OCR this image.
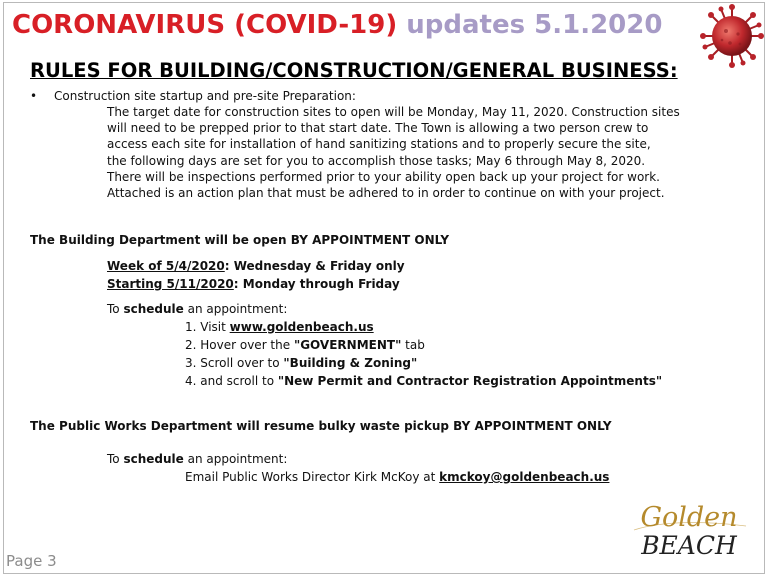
CORONAVIRUS (COVID-19) updates 5.1.2020
RULES FOR BUILDING/CONSTRUCTION/GENERAL BUSINESS:
• Construction site startup and pre-site Preparation:
The target date for construction sites to open will be Monday, May 11, 2020. Construction sites
will need to be prepped prior to that start date. The Town is allowing a two person crew to
access each site for installation of hand sanitizing stations and to properly secure the site,
the following days are set for you to accomplish those tasks; May 6 through May 8, 2020.
There will be inspections performed prior to your ability open back up your project for work.
Attached is an action plan that must be adhered to in order to continue on with your project.
The Building Department will be open BY APPOINTMENT ONLY
Week of 5/4/2020: Wednesday & Friday only
Starting 5/11/2020: Monday through Friday
To schedule an appointment:
1. Visit www.goldenbeach.us
2. Hover over the "GOVERNMENT" tab
3. Scroll over to "Building & Zoning"
4. and scroll to "New Permit and Contractor Registration Appointments"
The Public Works Department will resume bulky waste pickup BY APPOINTMENT ONLY
To schedule an appointment:
Email Public Works Director Kirk McKoy at kmckoy@goldenbeach.us
Page 3
Golden
BEACH
